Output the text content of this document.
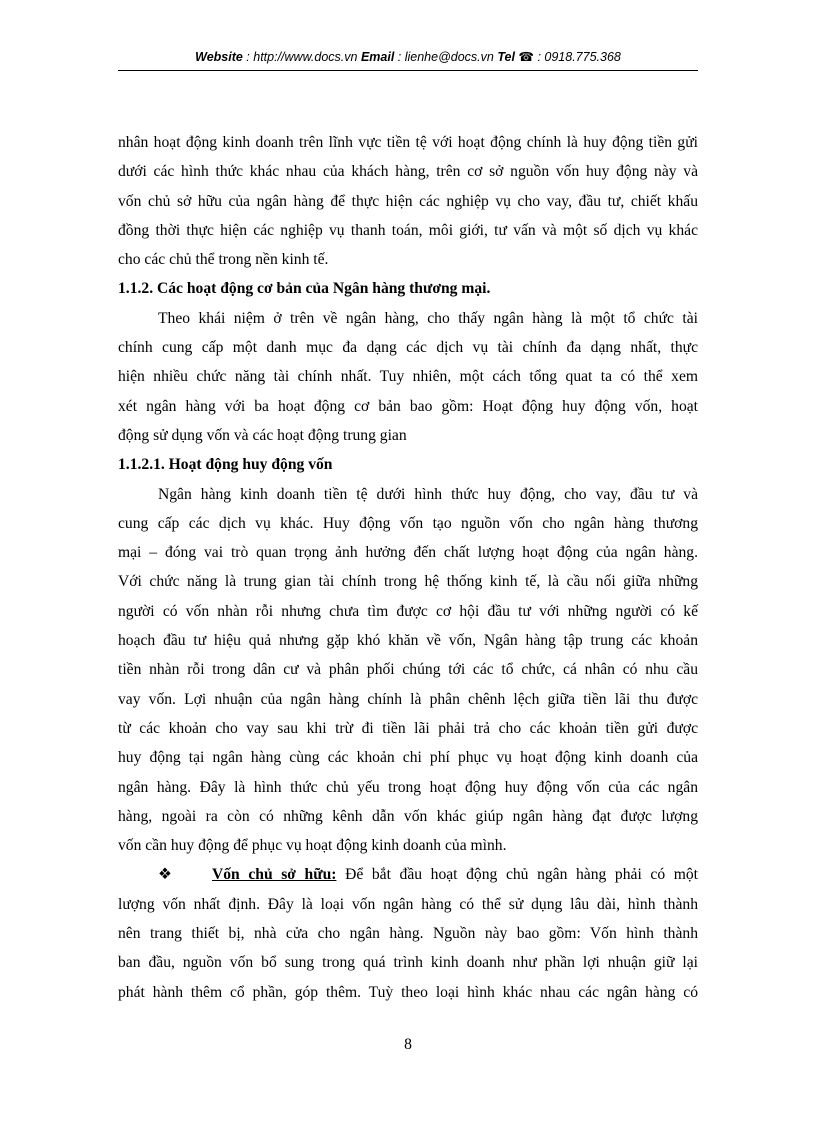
Website : http://www.docs.vn Email : lienhe@docs.vn Tel ☎ : 0918.775.368
nhân hoạt động kinh doanh trên lĩnh vực tiền tệ với hoạt động chính là huy động tiền gửi
dưới các hình thức khác nhau của khách hàng, trên cơ sở nguồn vốn huy động này và
vốn chủ sở hữu của ngân hàng để thực hiện các nghiệp vụ cho vay, đầu tư, chiết khấu
đồng thời thực hiện các nghiệp vụ thanh toán, môi giới, tư vấn và một số dịch vụ khác
cho các chủ thể trong nền kinh tế.
1.1.2. Các hoạt động cơ bản của Ngân hàng thương mại.
Theo khái niệm ở trên về ngân hàng, cho thấy ngân hàng là một tổ chức tài
chính cung cấp một danh mục đa dạng các dịch vụ tài chính đa dạng nhất, thực
hiện nhiều chức năng tài chính nhất. Tuy nhiên, một cách tổng quat ta có thể xem
xét ngân hàng với ba hoạt động cơ bản bao gồm: Hoạt động huy động vốn, hoạt
động sử dụng vốn và các hoạt động trung gian
1.1.2.1. Hoạt động huy động vốn
Ngân hàng kinh doanh tiền tệ dưới hình thức huy động, cho vay, đầu tư và
cung cấp các dịch vụ khác. Huy động vốn tạo nguồn vốn cho ngân hàng thương
mại – đóng vai trò quan trọng ảnh hưởng đến chất lượng hoạt động của ngân hàng.
Với chức năng là trung gian tài chính trong hệ thống kinh tế, là cầu nối giữa những
người có vốn nhàn rỗi nhưng chưa tìm được cơ hội đầu tư với những người có kế
hoạch đầu tư hiệu quả nhưng gặp khó khăn về vốn, Ngân hàng tập trung các khoản
tiền nhàn rỗi trong dân cư và phân phối chúng tới các tổ chức, cá nhân có nhu cầu
vay vốn. Lợi nhuận của ngân hàng chính là phân chênh lệch giữa tiền lãi thu được
từ các khoản cho vay sau khi trừ đi tiền lãi phải trả cho các khoản tiền gửi được
huy động tại ngân hàng cùng các khoản chi phí phục vụ hoạt động kinh doanh của
ngân hàng. Đây là hình thức chủ yếu trong hoạt động huy động vốn của các ngân
hàng, ngoài ra còn có những kênh dẫn vốn khác giúp ngân hàng đạt được lượng
vốn cần huy động để phục vụ hoạt động kinh doanh của mình.
❖	Vốn chủ sở hữu: Để bắt đầu hoạt động chủ ngân hàng phải có một
lượng vốn nhất định. Đây là loại vốn ngân hàng có thể sử dụng lâu dài, hình thành
nên trang thiết bị, nhà cửa cho ngân hàng. Nguồn này bao gồm: Vốn hình thành
ban đầu, nguồn vốn bổ sung trong quá trình kinh doanh như phần lợi nhuận giữ lại
phát hành thêm cổ phần, góp thêm. Tuỳ theo loại hình khác nhau các ngân hàng có
8
